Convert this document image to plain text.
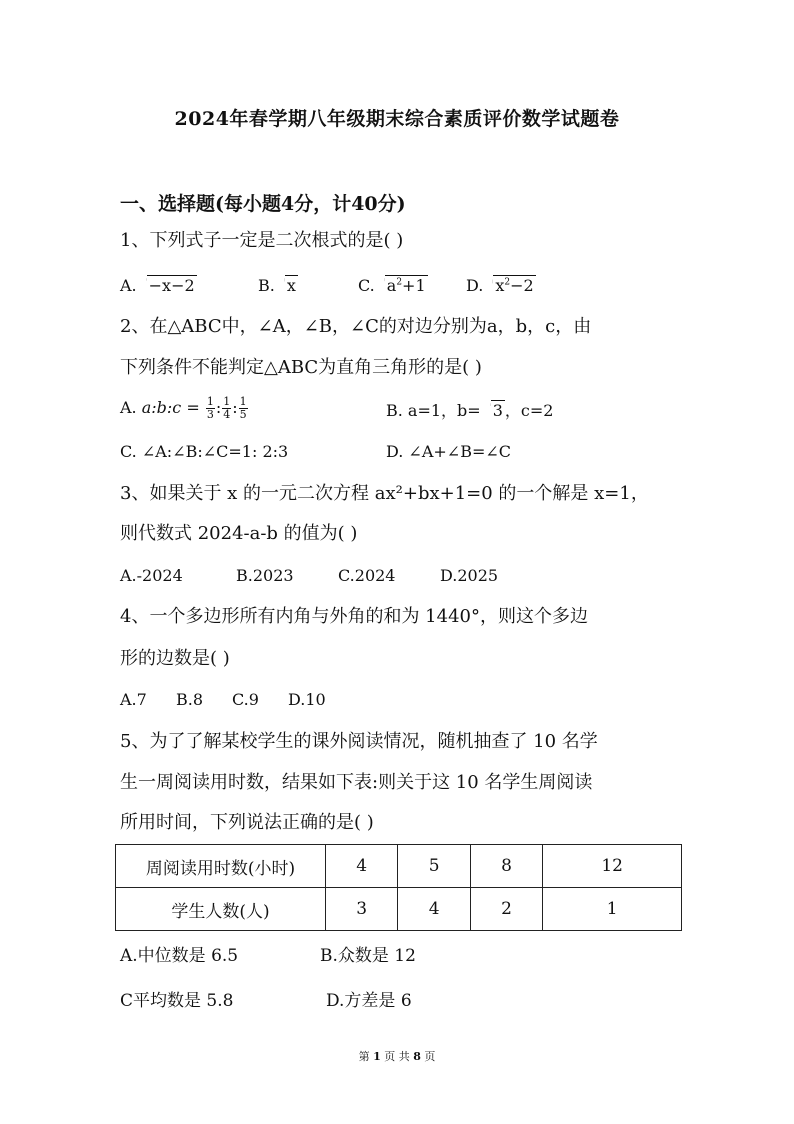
2024年春学期八年级期末综合素质评价数学试题卷
一、选择题(每小题4分，计40分)
1、下列式子一定是二次根式的是( )
A. −x−2	B. x	C. $a^2+1$	D. $x^2-2$
2、在△ABC中，∠A，∠B，∠C的对边分别为a，b，c，由
下列条件不能判定△ABC为直角三角形的是( )
A. a:b:c = $\frac{1}{3}$ : $\frac{1}{4}$ : $\frac{1}{5}$	B. a=1，b= 3 ，c=2
C. ∠A:∠B:∠C=1: 2:3	D. ∠A+∠B=∠C
3、如果关于 x 的一元二次方程 ax²+bx+1=0 的一个解是 x=1，
则代数式 2024-a-b 的值为( )
A.-2024	B.2023	C.2024	D.2025
4、一个多边形所有内角与外角的和为 1440°，则这个多边
形的边数是( )
A.7 B.8 C.9 D.10
5、为了了解某校学生的课外阅读情况，随机抽查了 10 名学
生一周阅读用时数，结果如下表:则关于这 10 名学生周阅读
所用时间，下列说法正确的是( )
周阅读用时数(小时)	4	5	8	12
学生人数(人)	3	4	2	1
A.中位数是 6.5	B.众数是 12
C平均数是 5.8	D.方差是 6
第 1 页 共 8 页
